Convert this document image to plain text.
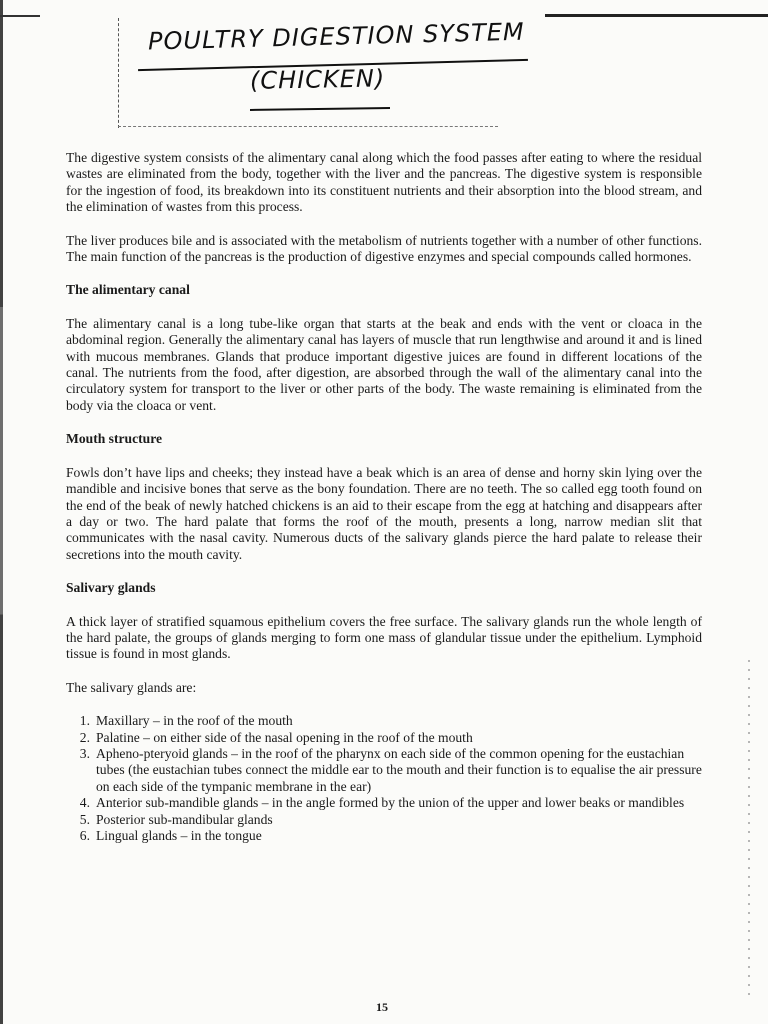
POULTRY DIGESTION SYSTEM
(CHICKEN)

The digestive system consists of the alimentary canal along which the food passes after eating to where the residual wastes are eliminated from the body, together with the liver and the pancreas. The digestive system is responsible for the ingestion of food, its breakdown into its constituent nutrients and their absorption into the blood stream, and the elimination of wastes from this process.

The liver produces bile and is associated with the metabolism of nutrients together with a number of other functions. The main function of the pancreas is the production of digestive enzymes and special compounds called hormones.

The alimentary canal

The alimentary canal is a long tube-like organ that starts at the beak and ends with the vent or cloaca in the abdominal region. Generally the alimentary canal has layers of muscle that run lengthwise and around it and is lined with mucous membranes. Glands that produce important digestive juices are found in different locations of the canal. The nutrients from the food, after digestion, are absorbed through the wall of the alimentary canal into the circulatory system for transport to the liver or other parts of the body. The waste remaining is eliminated from the body via the cloaca or vent.

Mouth structure

Fowls don’t have lips and cheeks; they instead have a beak which is an area of dense and horny skin lying over the mandible and incisive bones that serve as the bony foundation. There are no teeth. The so called egg tooth found on the end of the beak of newly hatched chickens is an aid to their escape from the egg at hatching and disappears after a day or two. The hard palate that forms the roof of the mouth, presents a long, narrow median slit that communicates with the nasal cavity. Numerous ducts of the salivary glands pierce the hard palate to release their secretions into the mouth cavity.

Salivary glands

A thick layer of stratified squamous epithelium covers the free surface. The salivary glands run the whole length of the hard palate, the groups of glands merging to form one mass of glandular tissue under the epithelium. Lymphoid tissue is found in most glands.

The salivary glands are:

1. Maxillary – in the roof of the mouth
2. Palatine – on either side of the nasal opening in the roof of the mouth
3. Apheno-pteryoid glands – in the roof of the pharynx on each side of the common opening for the eustachian tubes (the eustachian tubes connect the middle ear to the mouth and their function is to equalise the air pressure on each side of the tympanic membrane in the ear)
4. Anterior sub-mandible glands – in the angle formed by the union of the upper and lower beaks or mandibles
5. Posterior sub-mandibular glands
6. Lingual glands – in the tongue
15
